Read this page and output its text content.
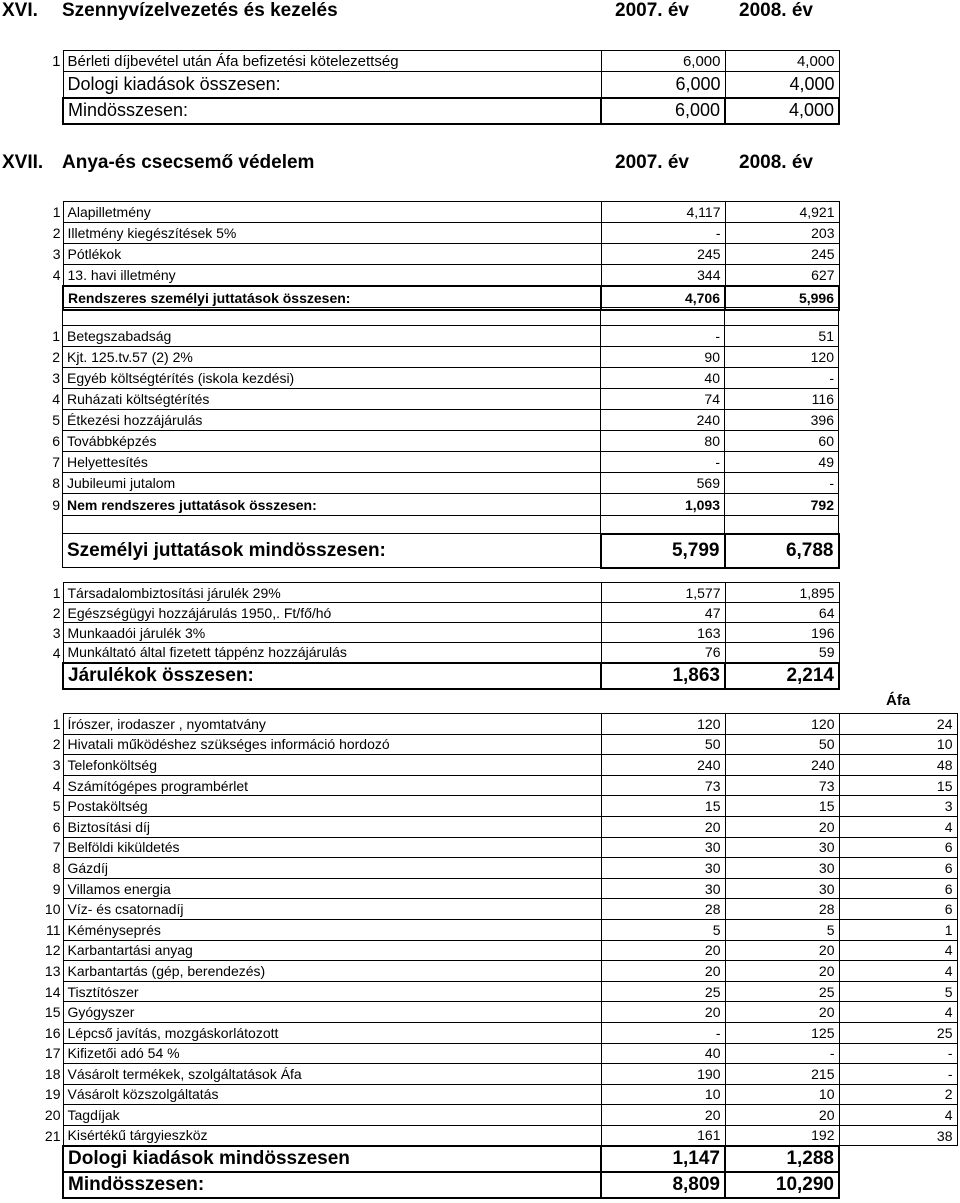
XVI. Szennyvízelvezetés és kezelés	2007. év	2008. év
1	Bérleti díjbevétel után Áfa befizetési kötelezettség	6,000	4,000
	Dologi kiadások összesen:	6,000	4,000
	Mindösszesen:	6,000	4,000
XVII. Anya-és csecsemő védelem	2007. év	2008. év
1	Alapilletmény	4,117	4,921
2	Illetmény kiegészítések 5%	-	203
3	Pótlékok	245	245
4	13. havi illetmény	344	627
	Rendszeres személyi juttatások összesen:	4,706	5,996

1	Betegszabadság	-	51
2	Kjt. 125.tv.57 (2) 2%	90	120
3	Egyéb költségtérítés (iskola kezdési)	40	-
4	Ruházati költségtérítés	74	116
5	Étkezési hozzájárulás	240	396
6	Továbbképzés	80	60
7	Helyettesítés	-	49
8	Jubileumi jutalom	569	-
9	Nem rendszeres juttatások összesen:	1,093	792

	Személyi juttatások mindösszesen:	5,799	6,788
1	Társadalombiztosítási járulék 29%	1,577	1,895
2	Egészségügyi hozzájárulás 1950,. Ft/fő/hó	47	64
3	Munkaadói járulék 3%	163	196
4	Munkáltató által fizetett táppénz hozzájárulás	76	59
	Járulékok összesen:	1,863	2,214
Áfa
1	Írószer, irodaszer , nyomtatvány	120	120	24
2	Hivatali működéshez szükséges információ hordozó	50	50	10
3	Telefonköltség	240	240	48
4	Számítógépes programbérlet	73	73	15
5	Postaköltség	15	15	3
6	Biztosítási díj	20	20	4
7	Belföldi kiküldetés	30	30	6
8	Gázdíj	30	30	6
9	Villamos energia	30	30	6
10	Víz- és csatornadíj	28	28	6
11	Kéményseprés	5	5	1
12	Karbantartási anyag	20	20	4
13	Karbantartás (gép, berendezés)	20	20	4
14	Tisztítószer	25	25	5
15	Gyógyszer	20	20	4
16	Lépcső javítás, mozgáskorlátozott	-	125	25
17	Kifizetői adó 54 %	40	-	-
18	Vásárolt termékek, szolgáltatások Áfa	190	215	-
19	Vásárolt közszolgáltatás	10	10	2
20	Tagdíjak	20	20	4
21	Kisértékű tárgyieszköz	161	192	38
	Dologi kiadások mindösszesen	1,147	1,288	
	Mindösszesen:	8,809	10,290	
